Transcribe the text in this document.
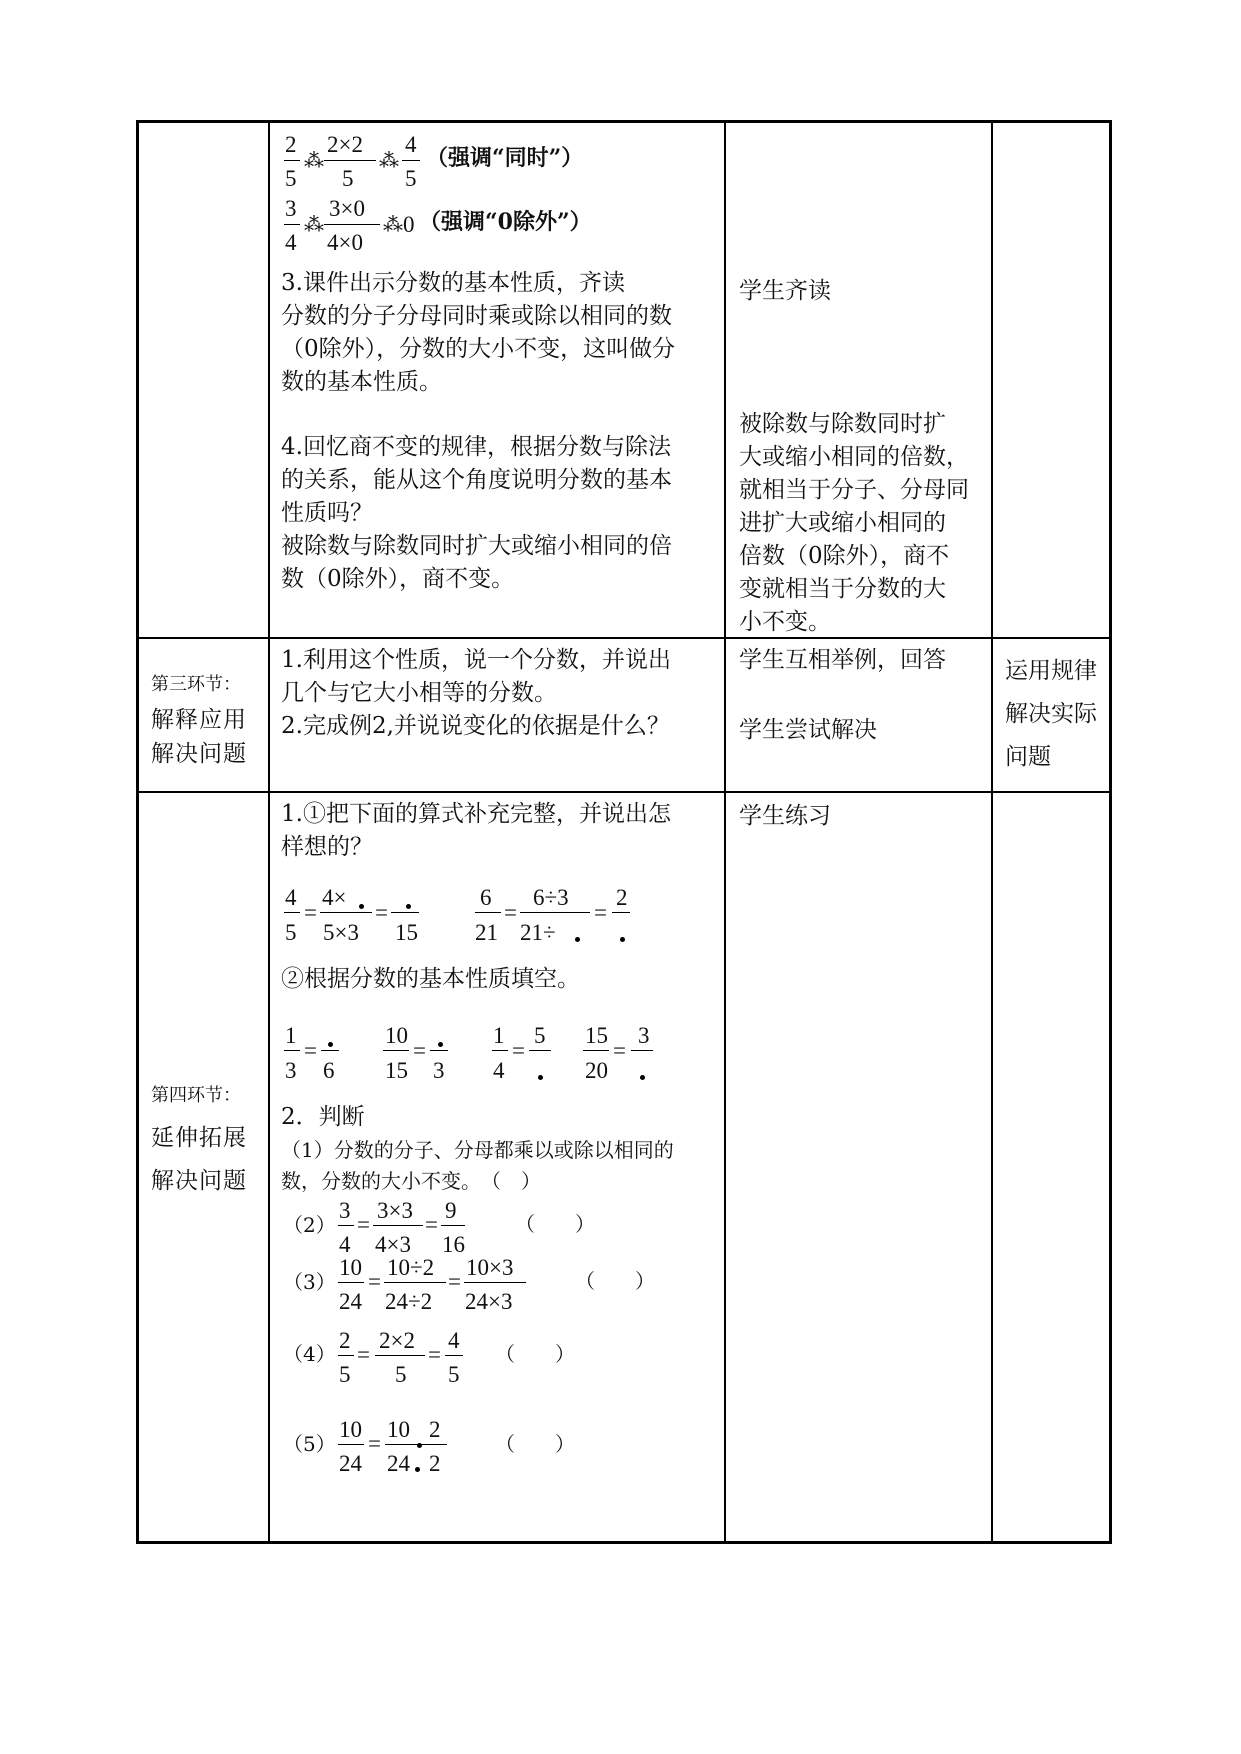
2
5
⁂
2×2
5
⁂
4
5
（强调“同时”）
3
4
⁂
3×0
4×0
⁂ 0 （强调“0除外”）
3.课件出示分数的基本性质，齐读
分数的分子分母同时乘或除以相同的数
（0除外），分数的大小不变，这叫做分
数的基本性质。
4.回忆商不变的规律，根据分数与除法
的关系，能从这个角度说明分数的基本
性质吗？
被除数与除数同时扩大或缩小相同的倍
数（0除外），商不变。
学生齐读
被除数与除数同时扩
大或缩小相同的倍数，
就相当于分子、分母同
进扩大或缩小相同的
倍数（0除外），商不
变就相当于分数的大
小不变。
第三环节：
解释应用
解决问题
1.利用这个性质，说一个分数，并说出
几个与它大小相等的分数。
2.完成例2,并说说变化的依据是什么？
学生互相举例，回答
学生尝试解决
运用规律
解决实际
问题
第四环节：
延伸拓展
解决问题
1.①把下面的算式补充完整，并说出怎
样想的？
4
5
=
4×
5×3
=
15
6
21
=
6÷3
21÷
=
2
②根据分数的基本性质填空。
1
3
=
6
10
15
=
3
1
4
=
5 15
20
=
3
2．判断
（1）分数的分子、分母都乘以或除以相同的
数，分数的大小不变。　（　）
（2）
3
4
=
3×3
4×3
=
9
16
（　　）
（3）
10
24
=
10÷2
24÷2
=
10×3
24×3
（　　）
（4）
2
5
=
2×2
5
=
4
5
（　　）
（5）
10
24
=
10
24
2
2
（　　）
学生练习
